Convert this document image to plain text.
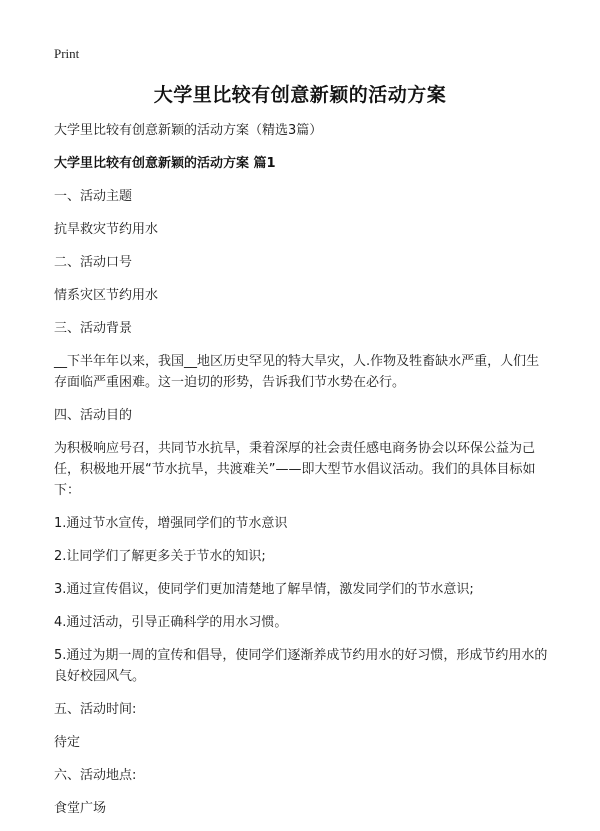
Print
大学里比较有创意新颖的活动方案

大学里比较有创意新颖的活动方案（精选3篇）

大学里比较有创意新颖的活动方案 篇1

一、活动主题

抗旱救灾节约用水

二、活动口号

情系灾区节约用水

三、活动背景

__下半年年以来，我国__地区历史罕见的特大旱灾，人.作物及牲畜缺水严重，人们生存面临严重困难。这一迫切的形势，告诉我们节水势在必行。

四、活动目的

为积极响应号召，共同节水抗旱，秉着深厚的社会责任感电商务协会以环保公益为己任，积极地开展“节水抗旱，共渡难关”——即大型节水倡议活动。我们的具体目标如下：

1.通过节水宣传，增强同学们的节水意识

2.让同学们了解更多关于节水的知识;

3.通过宣传倡议，使同学们更加清楚地了解旱情，激发同学们的节水意识;

4.通过活动，引导正确科学的用水习惯。

5.通过为期一周的宣传和倡导，使同学们逐渐养成节约用水的好习惯，形成节约用水的良好校园风气。

五、活动时间:

待定

六、活动地点:

食堂广场
